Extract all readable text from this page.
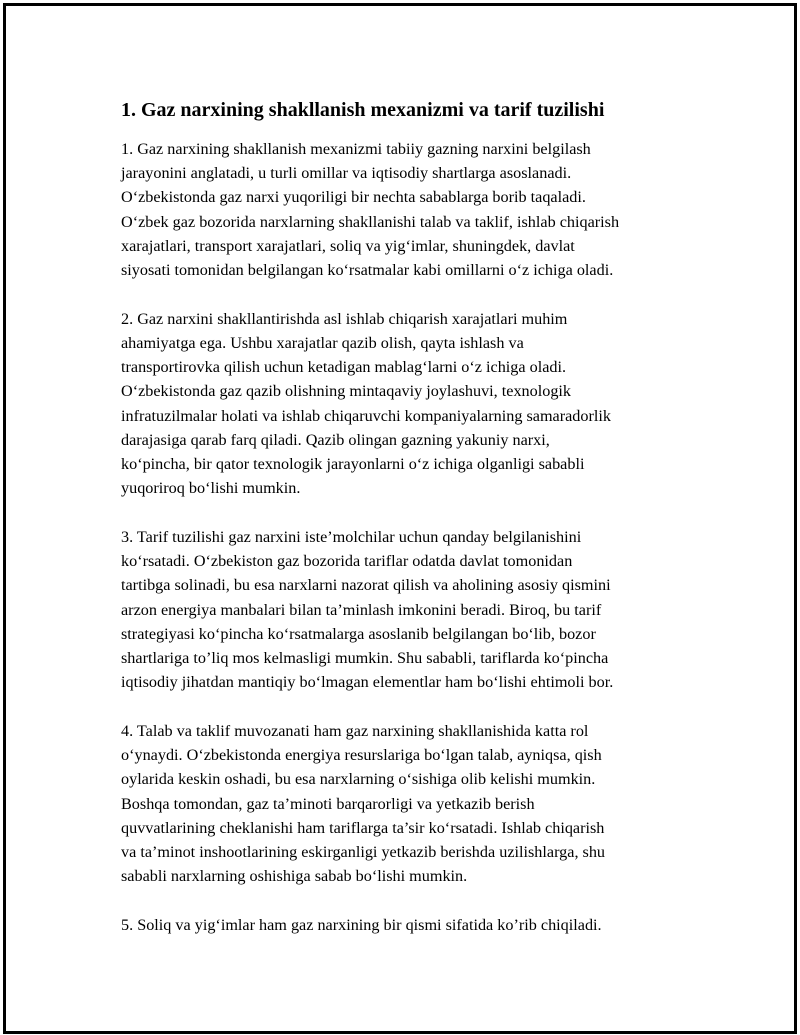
1. Gaz narxining shakllanish mexanizmi va tarif tuzilishi

1. Gaz narxining shakllanish mexanizmi tabiiy gazning narxini belgilash
jarayonini anglatadi, u turli omillar va iqtisodiy shartlarga asoslanadi.
O‘zbekistonda gaz narxi yuqoriligi bir nechta sabablarga borib taqaladi.
O‘zbek gaz bozorida narxlarning shakllanishi talab va taklif, ishlab chiqarish
xarajatlari, transport xarajatlari, soliq va yig‘imlar, shuningdek, davlat
siyosati tomonidan belgilangan ko‘rsatmalar kabi omillarni o‘z ichiga oladi.

2. Gaz narxini shakllantirishda asl ishlab chiqarish xarajatlari muhim
ahamiyatga ega. Ushbu xarajatlar qazib olish, qayta ishlash va
transportirovka qilish uchun ketadigan mablag‘larni o‘z ichiga oladi.
O‘zbekistonda gaz qazib olishning mintaqaviy joylashuvi, texnologik
infratuzilmalar holati va ishlab chiqaruvchi kompaniyalarning samaradorlik
darajasiga qarab farq qiladi. Qazib olingan gazning yakuniy narxi,
ko‘pincha, bir qator texnologik jarayonlarni o‘z ichiga olganligi sababli
yuqoriroq bo‘lishi mumkin.

3. Tarif tuzilishi gaz narxini iste’molchilar uchun qanday belgilanishini
ko‘rsatadi. O‘zbekiston gaz bozorida tariflar odatda davlat tomonidan
tartibga solinadi, bu esa narxlarni nazorat qilish va aholining asosiy qismini
arzon energiya manbalari bilan ta’minlash imkonini beradi. Biroq, bu tarif
strategiyasi ko‘pincha ko‘rsatmalarga asoslanib belgilangan bo‘lib, bozor
shartlariga to’liq mos kelmasligi mumkin. Shu sababli, tariflarda ko‘pincha
iqtisodiy jihatdan mantiqiy bo‘lmagan elementlar ham bo‘lishi ehtimoli bor.

4. Talab va taklif muvozanati ham gaz narxining shakllanishida katta rol
o‘ynaydi. O‘zbekistonda energiya resurslariga bo‘lgan talab, ayniqsa, qish
oylarida keskin oshadi, bu esa narxlarning o‘sishiga olib kelishi mumkin.
Boshqa tomondan, gaz ta’minoti barqarorligi va yetkazib berish
quvvatlarining cheklanishi ham tariflarga ta’sir ko‘rsatadi. Ishlab chiqarish
va ta’minot inshootlarining eskirganligi yetkazib berishda uzilishlarga, shu
sababli narxlarning oshishiga sabab bo‘lishi mumkin.

5. Soliq va yig‘imlar ham gaz narxining bir qismi sifatida ko’rib chiqiladi.
